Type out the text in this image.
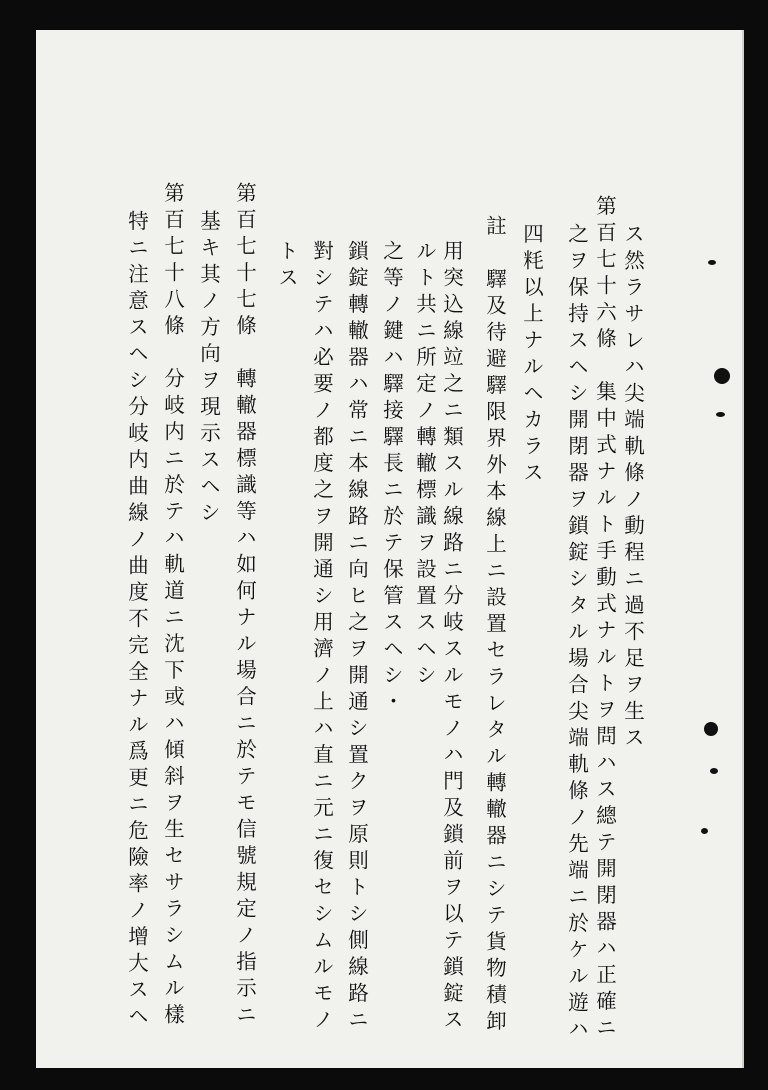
ス然ラサレハ尖端軌條ノ動程ニ過不足ヲ生ス
第百七十六條　集中式ナルト手動式ナルトヲ問ハス總テ開閉器ハ正確ニ
之ヲ保持スヘシ開閉器ヲ鎖錠シタル場合尖端軌條ノ先端ニ於ケル遊ハ
四粍以上ナルヘカラス
註　驛及待避驛限界外本線上ニ設置セラレタル轉轍器ニシテ貨物積卸
用突込線竝之ニ類スル線路ニ分岐スルモノハ門及鎖前ヲ以テ鎖錠ス
ルト共ニ所定ノ轉轍標識ヲ設置スヘシ
之等ノ鍵ハ驛接驛長ニ於テ保管スヘシ・
鎖錠轉轍器ハ常ニ本線路ニ向ヒ之ヲ開通シ置クヲ原則トシ側線路ニ
對シテハ必要ノ都度之ヲ開通シ用濟ノ上ハ直ニ元ニ復セシムルモノ
トス
第百七十七條　轉轍器標識等ハ如何ナル場合ニ於テモ信號規定ノ指示ニ
基キ其ノ方向ヲ現示スヘシ
第百七十八條　分岐内ニ於テハ軌道ニ沈下或ハ傾斜ヲ生セサラシムル樣
特ニ注意スヘシ分岐内曲線ノ曲度不完全ナル爲更ニ危險率ノ增大スヘ
